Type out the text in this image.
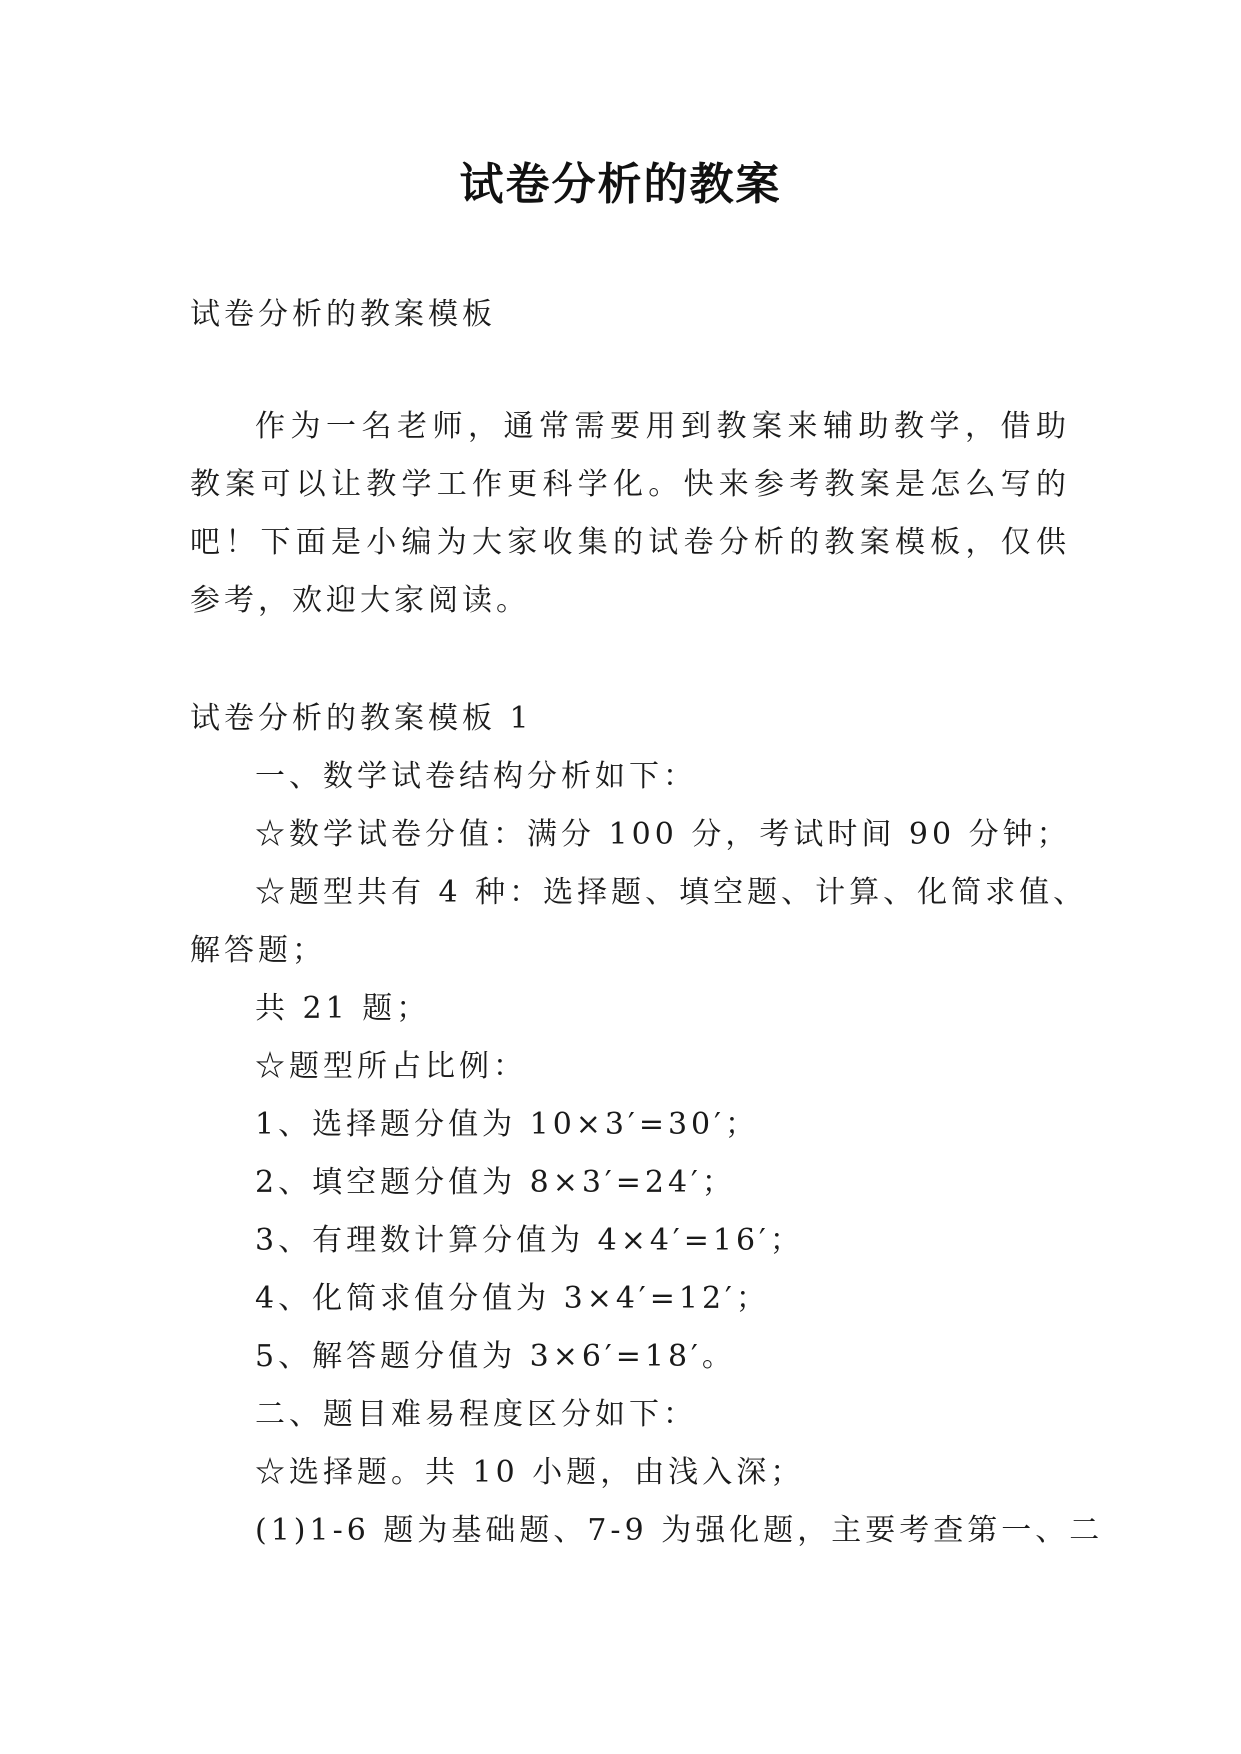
试卷分析的教案
试卷分析的教案模板
作为一名老师，通常需要用到教案来辅助教学，借助教案可以让教学工作更科学化。快来参考教案是怎么写的吧！下面是小编为大家收集的试卷分析的教案模板，仅供参考，欢迎大家阅读。
试卷分析的教案模板 1
一、数学试卷结构分析如下：
☆数学试卷分值：满分 100 分，考试时间 90 分钟；
☆题型共有 4 种：选择题、填空题、计算、化简求值、
解答题；
共 21 题；
☆题型所占比例：
1、选择题分值为 10×3′=30′；
2、填空题分值为 8×3′=24′；
3、有理数计算分值为 4×4′=16′；
4、化简求值分值为 3×4′=12′；
5、解答题分值为 3×6′=18′。
二、题目难易程度区分如下：
☆选择题。共 10 小题，由浅入深；
(1)1-6 题为基础题、7-9 为强化题，主要考查第一、二
